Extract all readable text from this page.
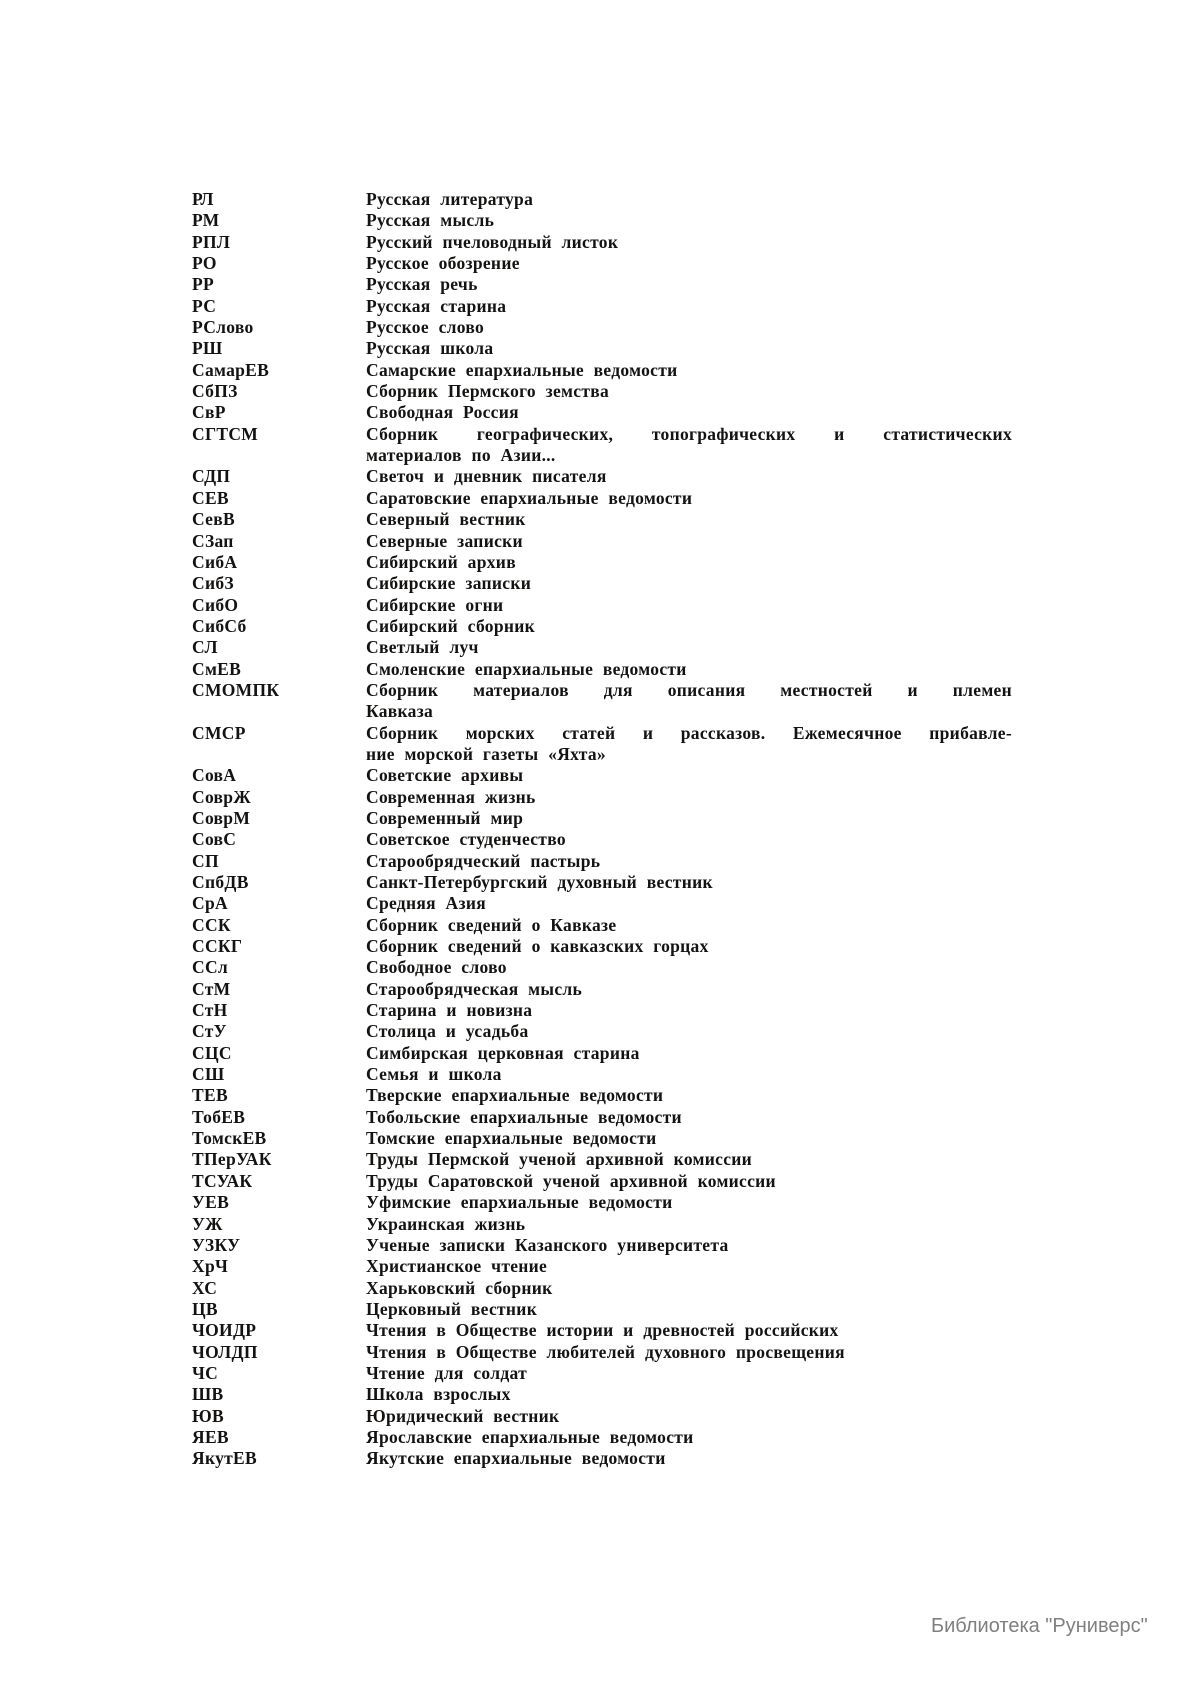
РЛ	Русская литература
РМ	Русская мысль
РПЛ	Русский пчеловодный листок
РО	Русское обозрение
РР	Русская речь
РС	Русская старина
РСлово	Русское слово
РШ	Русская школа
СамарЕВ	Самарские епархиальные ведомости
СбПЗ	Сборник Пермского земства
СвР	Свободная Россия
СГТСМ	Сборник географических, топографических и статистических
материалов по Азии...
СДП	Светоч и дневник писателя
СЕВ	Саратовские епархиальные ведомости
СевВ	Северный вестник
СЗап	Северные записки
СибА	Сибирский архив
СибЗ	Сибирские записки
СибО	Сибирские огни
СибСб	Сибирский сборник
СЛ	Светлый луч
СмЕВ	Смоленские епархиальные ведомости
СМОМПК	Сборник материалов для описания местностей и племен
Кавказа
СМСР	Сборник морских статей и рассказов. Ежемесячное прибавле-
ние морской газеты «Яхта»
СовА	Советские архивы
СоврЖ	Современная жизнь
СоврМ	Современный мир
СовС	Советское студенчество
СП	Старообрядческий пастырь
СпбДВ	Санкт-Петербургский духовный вестник
СрА	Средняя Азия
ССК	Сборник сведений о Кавказе
ССКГ	Сборник сведений о кавказских горцах
ССл	Свободное слово
СтМ	Старообрядческая мысль
СтН	Старина и новизна
СтУ	Столица и усадьба
СЦС	Симбирская церковная старина
СШ	Семья и школа
ТЕВ	Тверские епархиальные ведомости
ТобЕВ	Тобольские епархиальные ведомости
ТомскЕВ	Томские епархиальные ведомости
ТПерУАК	Труды Пермской ученой архивной комиссии
ТСУАК	Труды Саратовской ученой архивной комиссии
УЕВ	Уфимские епархиальные ведомости
УЖ	Украинская жизнь
УЗКУ	Ученые записки Казанского университета
ХрЧ	Христианское чтение
ХС	Харьковский сборник
ЦВ	Церковный вестник
ЧОИДР	Чтения в Обществе истории и древностей российских
ЧОЛДП	Чтения в Обществе любителей духовного просвещения
ЧС	Чтение для солдат
ШВ	Школа взрослых
ЮВ	Юридический вестник
ЯЕВ	Ярославские епархиальные ведомости
ЯкутЕВ	Якутские епархиальные ведомости
Библиотека "Руниверс"
